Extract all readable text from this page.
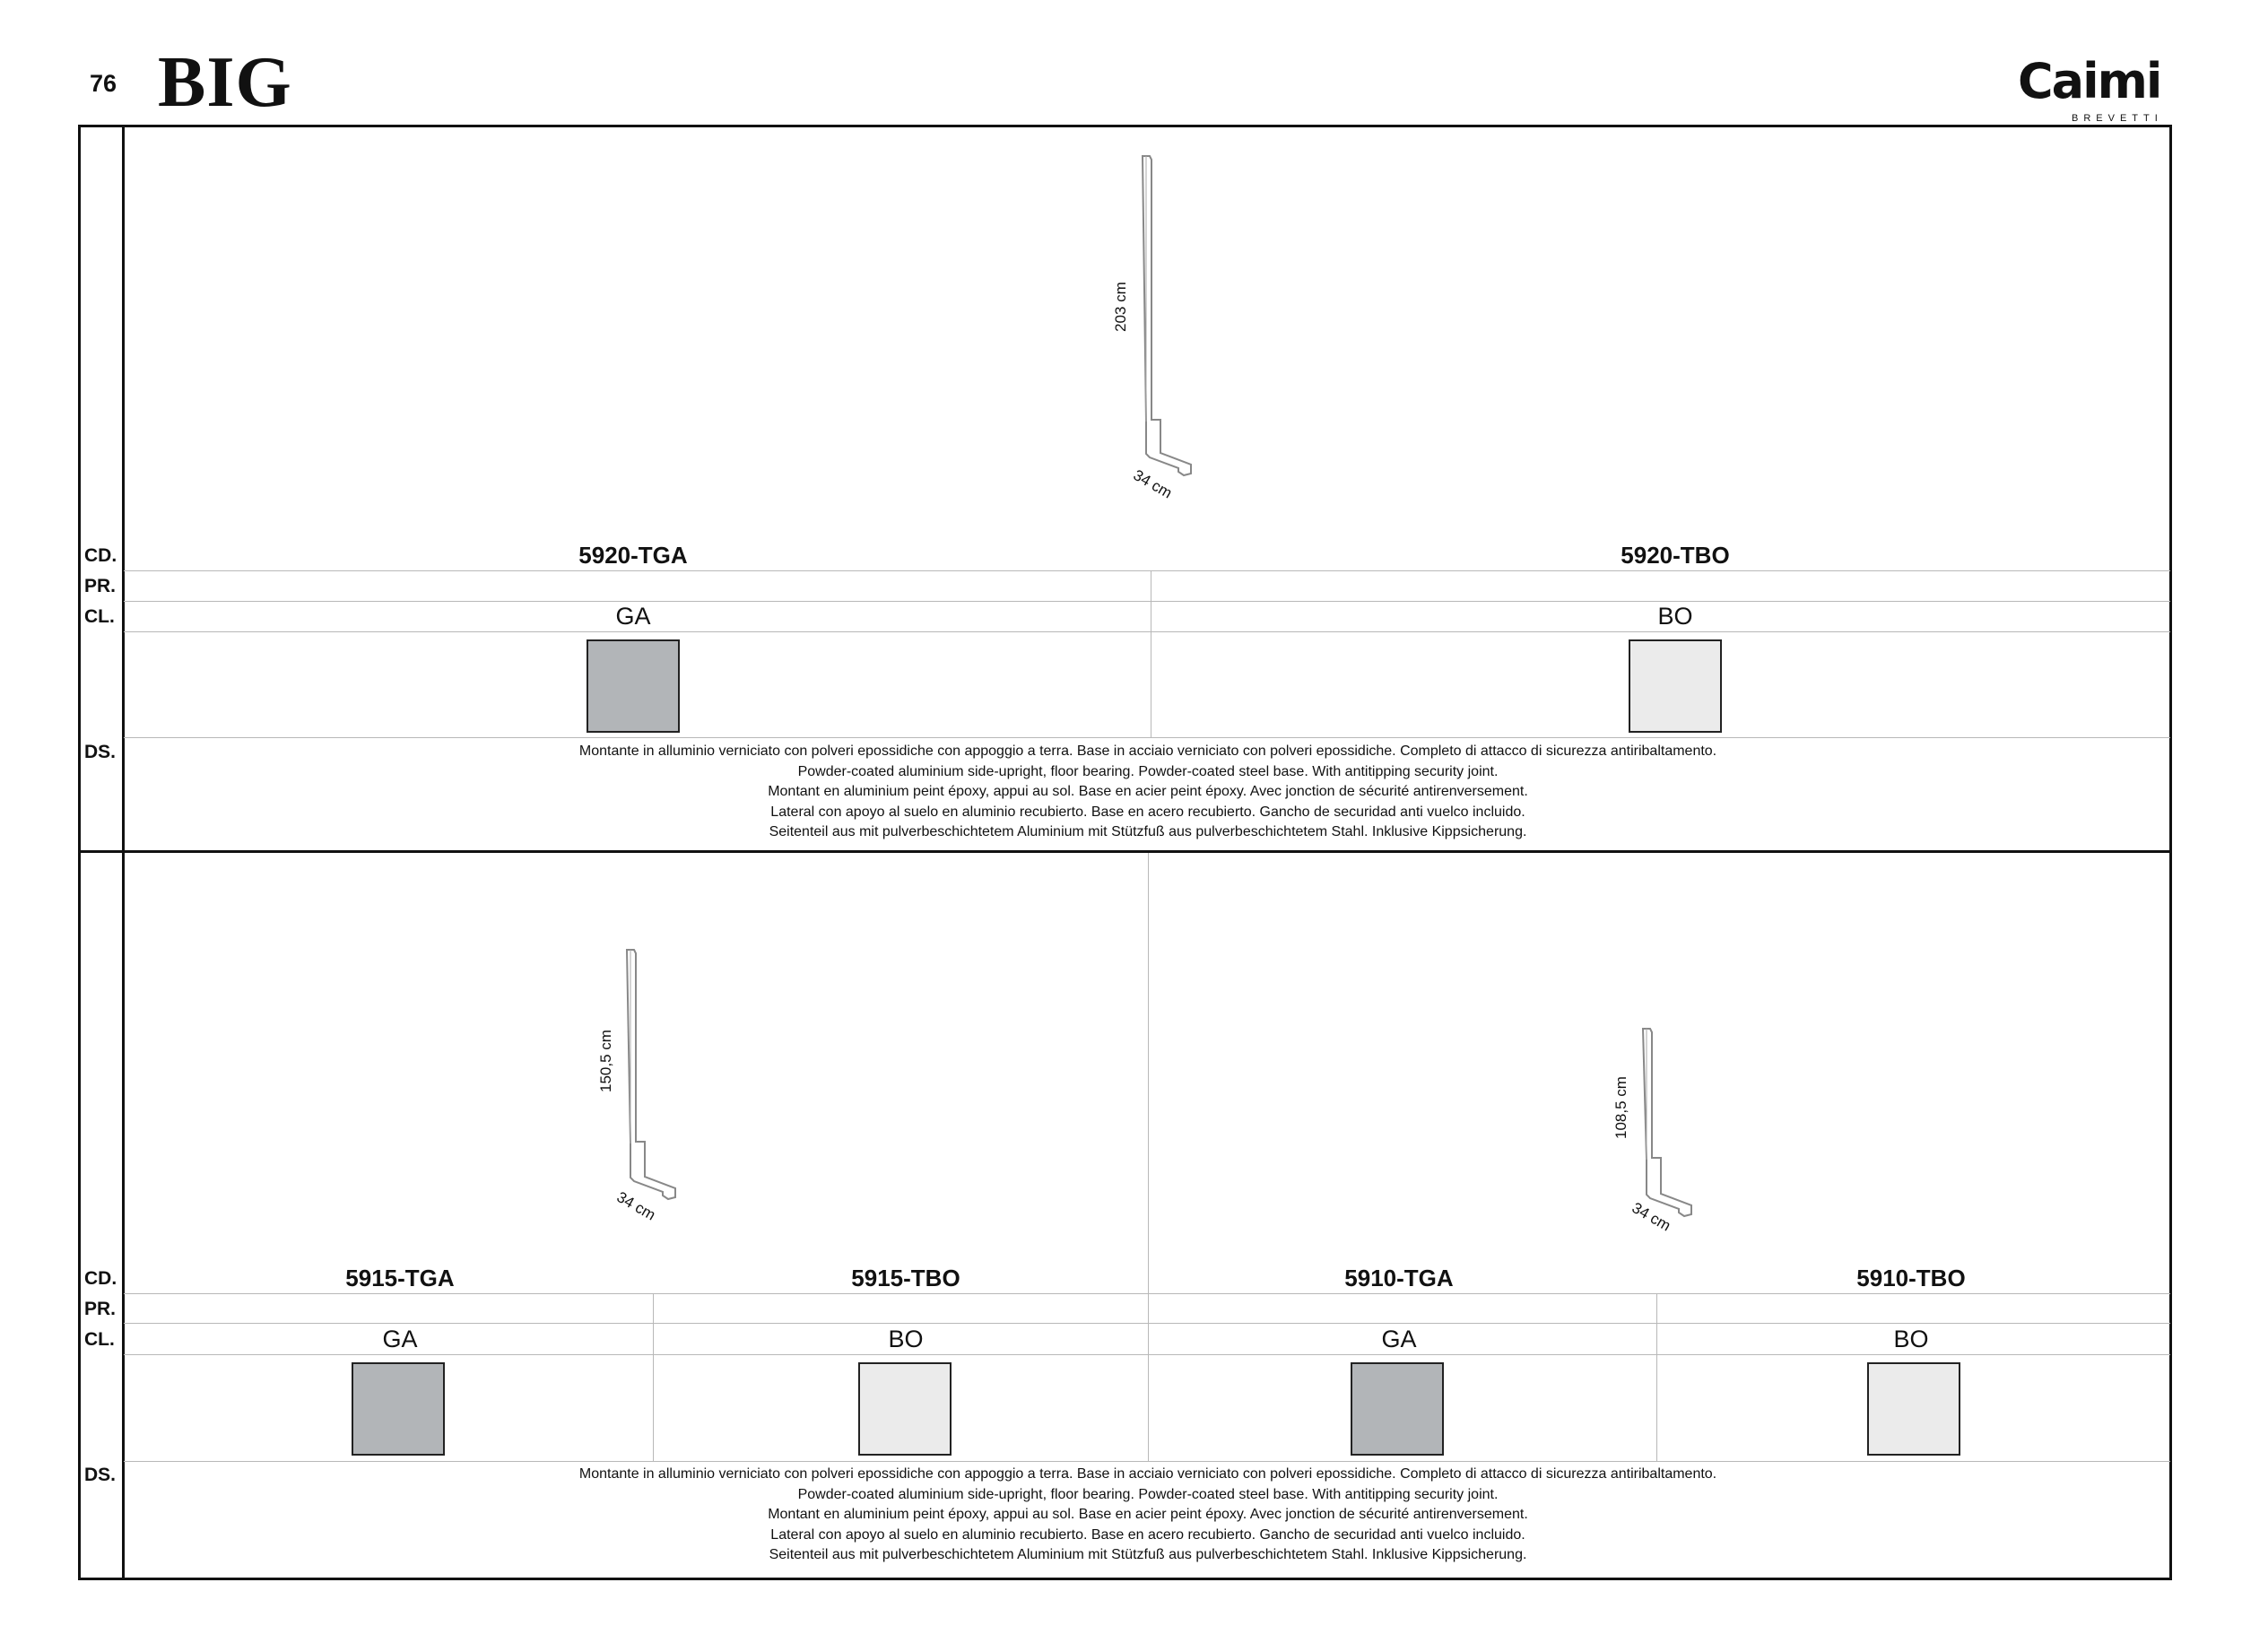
76 BIG	Caimi
BREVETTI
203 cm
34 cm
CD.	5920-TGA	5920-TBO
PR.
CL.	GA	BO
DS.	Montante in alluminio verniciato con polveri epossidiche con appoggio a terra. Base in acciaio verniciato con polveri epossidiche. Completo di attacco di sicurezza antiribaltamento.
Powder-coated aluminium side-upright, floor bearing. Powder-coated steel base. With antitipping security joint.
Montant en aluminium peint époxy, appui au sol. Base en acier peint époxy. Avec jonction de sécurité antirenversement.
Lateral con apoyo al suelo en aluminio recubierto. Base en acero recubierto. Gancho de securidad anti vuelco incluido.
Seitenteil aus mit pulverbeschichtetem Aluminium mit Stützfuß aus pulverbeschichtetem Stahl. Inklusive Kippsicherung.
150,5 cm
34 cm
108,5 cm
34 cm
CD.	5915-TGA	5915-TBO	5910-TGA	5910-TBO
PR.
CL.	GA	BO	GA	BO
DS.	Montante in alluminio verniciato con polveri epossidiche con appoggio a terra. Base in acciaio verniciato con polveri epossidiche. Completo di attacco di sicurezza antiribaltamento.
Powder-coated aluminium side-upright, floor bearing. Powder-coated steel base. With antitipping security joint.
Montant en aluminium peint époxy, appui au sol. Base en acier peint époxy. Avec jonction de sécurité antirenversement.
Lateral con apoyo al suelo en aluminio recubierto. Base en acero recubierto. Gancho de securidad anti vuelco incluido.
Seitenteil aus mit pulverbeschichtetem Aluminium mit Stützfuß aus pulverbeschichtetem Stahl. Inklusive Kippsicherung.
